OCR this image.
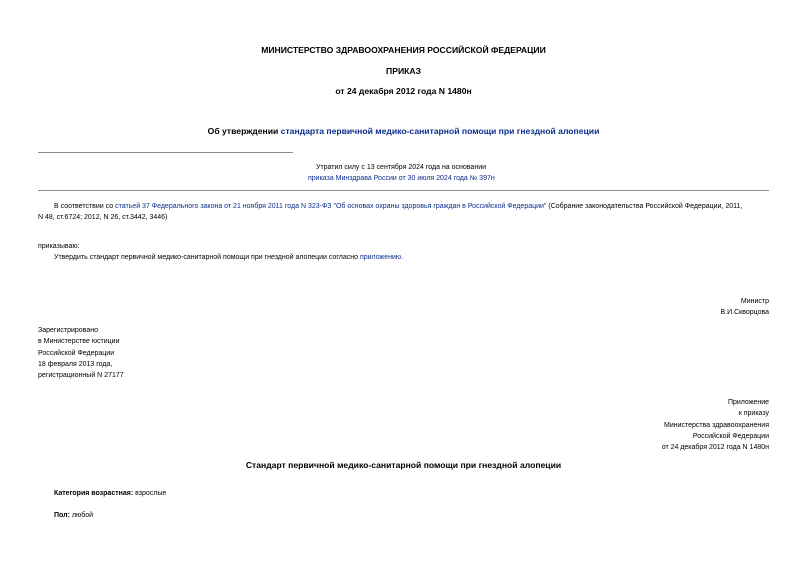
МИНИСТЕРСТВО ЗДРАВООХРАНЕНИЯ РОССИЙСКОЙ ФЕДЕРАЦИИ
ПРИКАЗ
от 24 декабря 2012 года N 1480н
Об утверждении стандарта первичной медико-санитарной помощи при гнездной алопеции
Утратил силу с 13 сентября 2024 года на основании
приказа Минздрава России от 30 июля 2024 года № 397н
В соответствии со статьей 37 Федерального закона от 21 ноября 2011 года N 323-ФЗ "Об основах охраны здоровья граждан в Российской Федерации" (Собрание законодательства Российской Федерации, 2011,
N 48, ст.6724; 2012, N 26, ст.3442, 3446)
приказываю:
Утвердить стандарт первичной медико-санитарной помощи при гнездной алопеции согласно приложению.
Министр
В.И.Скворцова
Зарегистрировано
в Министерстве юстиции
Российской Федерации
18 февраля 2013 года,
регистрационный N 27177
Приложение
к приказу
Министерства здравоохранения
Российской Федерации
от 24 декабря 2012 года N 1480н
Стандарт первичной медико-санитарной помощи при гнездной алопеции
Категория возрастная: взрослые
Пол: любой
